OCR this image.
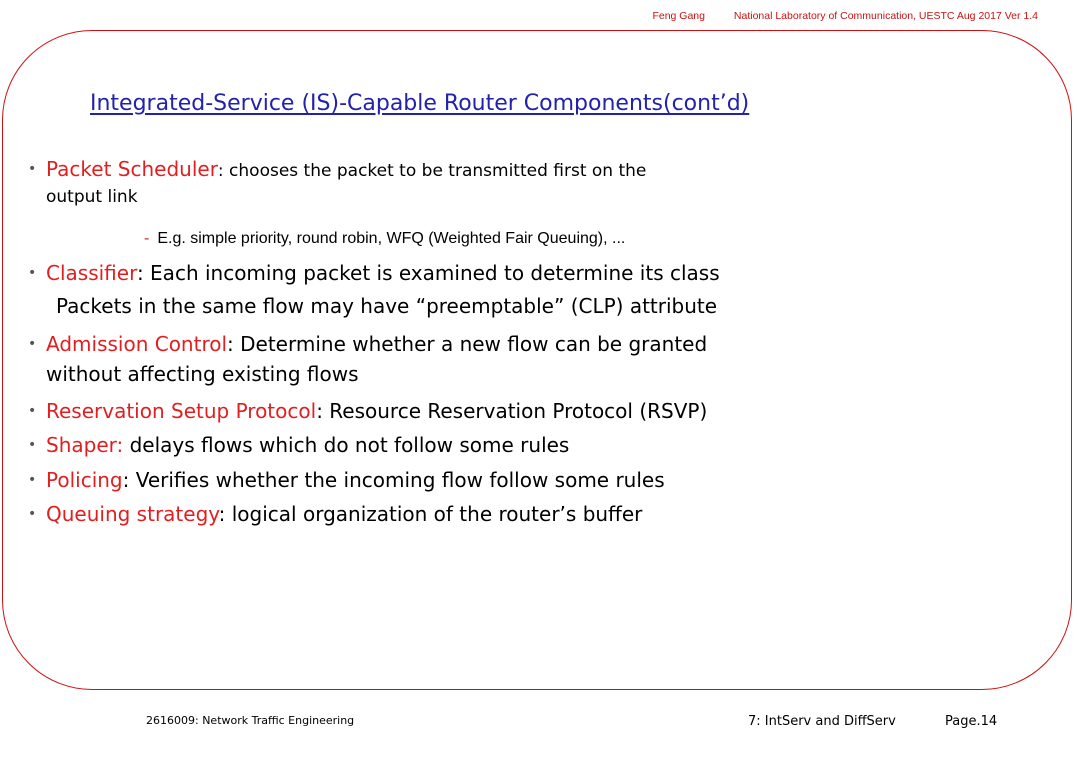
Feng Gang	National Laboratory of Communication, UESTC Aug 2017 Ver 1.4
Integrated-Service (IS)-Capable Router Components(cont’d)
• Packet Scheduler: chooses the packet to be transmitted first on the
output link
- E.g. simple priority, round robin, WFQ (Weighted Fair Queuing), ...
• Classifier: Each incoming packet is examined to determine its class
Packets in the same flow may have “preemptable” (CLP) attribute
• Admission Control: Determine whether a new flow can be granted
without affecting existing flows
• Reservation Setup Protocol: Resource Reservation Protocol (RSVP)
• Shaper: delays flows which do not follow some rules
• Policing: Verifies whether the incoming flow follow some rules
• Queuing strategy: logical organization of the router’s buffer
2616009: Network Traffic Engineering	7: IntServ and DiffServ	Page.14
